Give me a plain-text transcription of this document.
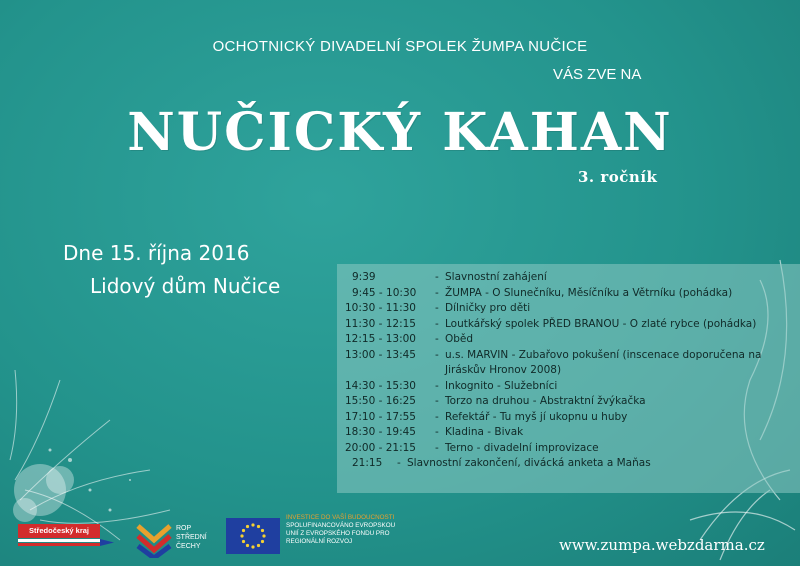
OCHOTNICKÝ DIVADELNÍ SPOLEK ŽUMPA NUČICE
VÁS ZVE NA
NUČICKÝ KAHAN
3. ročník
Dne 15. října 2016
Lidový dům Nučice	9:39	- Slavnostní zahájení
9:45 - 10:30	- ŽUMPA - O Slunečníku, Měsíčníku a Větrníku (pohádka)
10:30 - 11:30	- Dílničky pro děti
11:30 - 12:15	- Loutkářský spolek PŘED BRANOU - O zlaté rybce (pohádka)
12:15 - 13:00	- Oběd
13:00 - 13:45	- u.s. MARVIN - Zubařovo pokušení (inscenace doporučena na Jiráskův Hronov 2008)
14:30 - 15:30	- Inkognito - Služebníci
15:50 - 16:25	- Torzo na druhou - Abstraktní žvýkačka
17:10 - 17:55	- Refektář - Tu myš jí ukopnu u huby
18:30 - 19:45	- Kladina - Bivak
20:00 - 21:15	- Terno - divadelní improvizace
21:15	- Slavnostní zakončení, divácká anketa a Maňas
Středočeský kraj	ROP
STŘEDNÍ
ČECHY
INVESTICE DO VAŠÍ BUDOUCNOSTI
SPOLUFINANCOVÁNO EVROPSKOU
UNIÍ Z EVROPSKÉHO FONDU PRO
REGIONÁLNÍ ROZVOJ	www.zumpa.webzdarma.cz
